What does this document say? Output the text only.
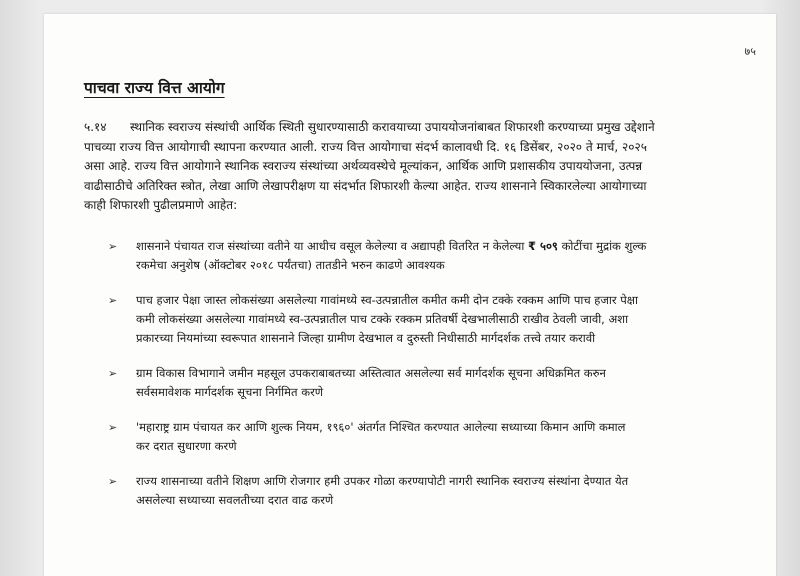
७५
पाचवा राज्य वित्त आयोग
५.१४ स्थानिक स्वराज्य संस्थांची आर्थिक स्थिती सुधारण्यासाठी करावयाच्या उपाययोजनांबाबत शिफारशी करण्याच्या प्रमुख उद्देशाने
पाचव्या राज्य वित्त आयोगाची स्थापना करण्यात आली. राज्य वित्त आयोगाचा संदर्भ कालावधी दि. १६ डिसेंबर, २०२० ते मार्च, २०२५
असा आहे. राज्य वित्त आयोगाने स्थानिक स्वराज्य संस्थांच्या अर्थव्यवस्थेचे मूल्यांकन, आर्थिक आणि प्रशासकीय उपाययोजना, उत्पन्न
वाढीसाठीचे अतिरिक्त स्त्रोत, लेखा आणि लेखापरीक्षण या संदर्भात शिफारशी केल्या आहेत. राज्य शासनाने स्विकारलेल्या आयोगाच्या
काही शिफारशी पुढीलप्रमाणे आहेत:
➢ शासनाने पंचायत राज संस्थांच्या वतीने या आधीच वसूल केलेल्या व अद्यापही वितरित न केलेल्या ₹ ५०९ कोटींचा मुद्रांक शुल्क
रकमेचा अनुशेष (ऑक्टोबर २०१८ पर्यंतचा) तातडीने भरुन काढणे आवश्यक
➢ पाच हजार पेक्षा जास्त लोकसंख्या असलेल्या गावांमध्ये स्व-उत्पन्नातील कमीत कमी दोन टक्के रक्कम आणि पाच हजार पेक्षा
कमी लोकसंख्या असलेल्या गावांमध्ये स्व-उत्पन्नातील पाच टक्के रक्कम प्रतिवर्षी देखभालीसाठी राखीव ठेवली जावी, अशा
प्रकारच्या नियमांच्या स्वरूपात शासनाने जिल्हा ग्रामीण देखभाल व दुरुस्ती निधीसाठी मार्गदर्शक तत्त्वे तयार करावी
➢ ग्राम विकास विभागाने जमीन महसूल उपकराबाबतच्या अस्तित्वात असलेल्या सर्व मार्गदर्शक सूचना अधिक्रमित करुन
सर्वसमावेशक मार्गदर्शक सूचना निर्गमित करणे
➢ 'महाराष्ट्र ग्राम पंचायत कर आणि शुल्क नियम, १९६०' अंतर्गत निश्चित करण्यात आलेल्या सध्याच्या किमान आणि कमाल
कर दरात सुधारणा करणे
➢ राज्य शासनाच्या वतीने शिक्षण आणि रोजगार हमी उपकर गोळा करण्यापोटी नागरी स्थानिक स्वराज्य संस्थांना देण्यात येत
असलेल्या सध्याच्या सवलतीच्या दरात वाढ करणे
